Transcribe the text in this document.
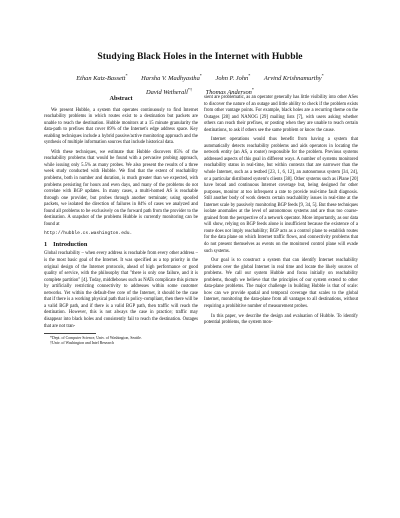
Studying Black Holes in the Internet with Hubble
Ethan Katz-Bassett* Harsha V. Madhyastha* John P. John* Arvind Krishnamurthy*
David Wetherall*† Thomas Anderson*
Abstract

We present Hubble, a system that operates continuously to find Internet reachability problems in which routes exist to a destination but packets are unable to reach the destination. Hubble monitors at a 15 minute granularity the data-path to prefixes that cover 89% of the Internet's edge address space. Key enabling techniques include a hybrid passive/active monitoring approach and the synthesis of multiple information sources that include historical data.

With these techniques, we estimate that Hubble discovers 85% of the reachability problems that would be found with a pervasive probing approach, while issuing only 5.5% as many probes. We also present the results of a three week study conducted with Hubble. We find that the extent of reachability problems, both in number and duration, is much greater than we expected, with problems persisting for hours and even days, and many of the problems do not correlate with BGP updates. In many cases, a multi-homed AS is reachable through one provider, but probes through another terminate; using spoofed packets, we isolated the direction of failures in 84% of cases we analyzed and found all problems to be exclusively on the forward path from the provider to the destination. A snapshot of the problems Hubble is currently monitoring can be found at

http://hubble.cs.washington.edu.

1 Introduction

Global reachability – when every address is reachable from every other address – is the most basic goal of the Internet. It was specified as a top priority in the original design of the Internet protocols, ahead of high performance or good quality of service, with the philosophy that "there is only one failure, and it is complete partition" [4]. Today, middleboxes such as NATs complicate this picture by artificially restricting connectivity to addresses within some customer networks. Yet within the default-free core of the Internet, it should be the case that if there is a working physical path that is policy-compliant, then there will be a valid BGP path, and if there is a valid BGP path, then traffic will reach the destination. However, this is not always the case in practice; traffic may disappear into black holes and consistently fail to reach the destination. Outages that are not tran-

*Dept. of Computer Science, Univ. of Washington, Seattle.

†Univ. of Washington and Intel Research

sient are problematic, as an operator generally has little visibility into other ASes to discover the nature of an outage and little ability to check if the problem exists from other vantage points. For example, black holes are a recurring theme on the Outages [28] and NANOG [29] mailing lists [7], with users asking whether others can reach their prefixes, or posting when they are unable to reach certain destinations, to ask if others see the same problem or know the cause.

Internet operations would thus benefit from having a system that automatically detects reachability problems and aids operators in locating the network entity (an AS, a router) responsible for the problem. Previous systems addressed aspects of this goal in different ways. A number of systems monitored reachability status in real-time, but within contexts that are narrower than the whole Internet, such as a testbed [23, 1, 6, 12], an autonomous system [34, 24], or a particular distributed system's clients [38]. Other systems such as iPlane [20] have broad and continuous Internet coverage but, being designed for other purposes, monitor at too infrequent a rate to provide real-time fault diagnosis. Still another body of work detects certain reachability issues in real-time at the Internet scale by passively monitoring BGP feeds [9, 34, 5]. But these techniques isolate anomalies at the level of autonomous systems and are thus too coarse-grained from the perspective of a network operator. More importantly, as our data will show, relying on BGP feeds alone is insufficient because the existence of a route does not imply reachability; BGP acts as a control plane to establish routes for the data plane on which Internet traffic flows, and connectivity problems that do not present themselves as events on the monitored control plane will evade such systems.

Our goal is to construct a system that can identify Internet reachability problems over the global Internet in real time and locate the likely sources of problems. We call our system Hubble and focus initially on reachability problems, though we believe that the principles of our system extend to other data-plane problems. The major challenge in building Hubble is that of scale: how can we provide spatial and temporal coverage that scales to the global Internet, monitoring the data-plane from all vantages to all destinations, without requiring a prohibitive number of measurement probes.

In this paper, we describe the design and evaluation of Hubble. To identify potential problems, the system mon-
